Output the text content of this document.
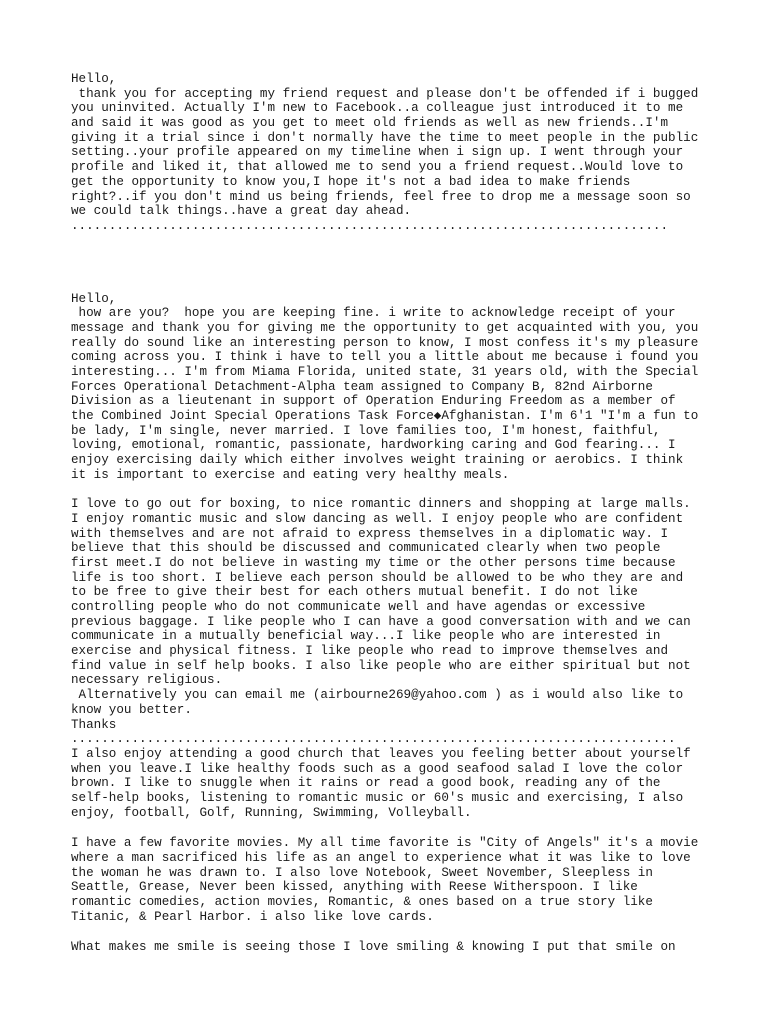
Hello,
thank you for accepting my friend request and please don't be offended if i bugged
you uninvited. Actually I'm new to Facebook..a colleague just introduced it to me
and said it was good as you get to meet old friends as well as new friends..I'm
giving it a trial since i don't normally have the time to meet people in the public
setting..your profile appeared on my timeline when i sign up. I went through your
profile and liked it, that allowed me to send you a friend request..Would love to
get the opportunity to know you,I hope it's not a bad idea to make friends
right?..if you don't mind us being friends, feel free to drop me a message soon so
we could talk things..have a great day ahead.
...............................................................................
Hello,
how are you?  hope you are keeping fine. i write to acknowledge receipt of your
message and thank you for giving me the opportunity to get acquainted with you, you
really do sound like an interesting person to know, I most confess it's my pleasure
coming across you. I think i have to tell you a little about me because i found you
interesting... I'm from Miama Florida, united state, 31 years old, with the Special
Forces Operational Detachment-Alpha team assigned to Company B, 82nd Airborne
Division as a lieutenant in support of Operation Enduring Freedom as a member of
the Combined Joint Special Operations Task Force◆Afghanistan. I'm 6'1 "I'm a fun to
be lady, I'm single, never married. I love families too, I'm honest, faithful,
loving, emotional, romantic, passionate, hardworking caring and God fearing... I
enjoy exercising daily which either involves weight training or aerobics. I think
it is important to exercise and eating very healthy meals.
I love to go out for boxing, to nice romantic dinners and shopping at large malls.
I enjoy romantic music and slow dancing as well. I enjoy people who are confident
with themselves and are not afraid to express themselves in a diplomatic way. I
believe that this should be discussed and communicated clearly when two people
first meet.I do not believe in wasting my time or the other persons time because
life is too short. I believe each person should be allowed to be who they are and
to be free to give their best for each others mutual benefit. I do not like
controlling people who do not communicate well and have agendas or excessive
previous baggage. I like people who I can have a good conversation with and we can
communicate in a mutually beneficial way...I like people who are interested in
exercise and physical fitness. I like people who read to improve themselves and
find value in self help books. I also like people who are either spiritual but not
necessary religious.
Alternatively you can email me (airbourne269@yahoo.com ) as i would also like to
know you better.
Thanks
................................................................................
I also enjoy attending a good church that leaves you feeling better about yourself
when you leave.I like healthy foods such as a good seafood salad I love the color
brown. I like to snuggle when it rains or read a good book, reading any of the
self-help books, listening to romantic music or 60's music and exercising, I also
enjoy, football, Golf, Running, Swimming, Volleyball.
I have a few favorite movies. My all time favorite is "City of Angels" it's a movie
where a man sacrificed his life as an angel to experience what it was like to love
the woman he was drawn to. I also love Notebook, Sweet November, Sleepless in
Seattle, Grease, Never been kissed, anything with Reese Witherspoon. I like
romantic comedies, action movies, Romantic, & ones based on a true story like
Titanic, & Pearl Harbor. i also like love cards.
What makes me smile is seeing those I love smiling & knowing I put that smile on
